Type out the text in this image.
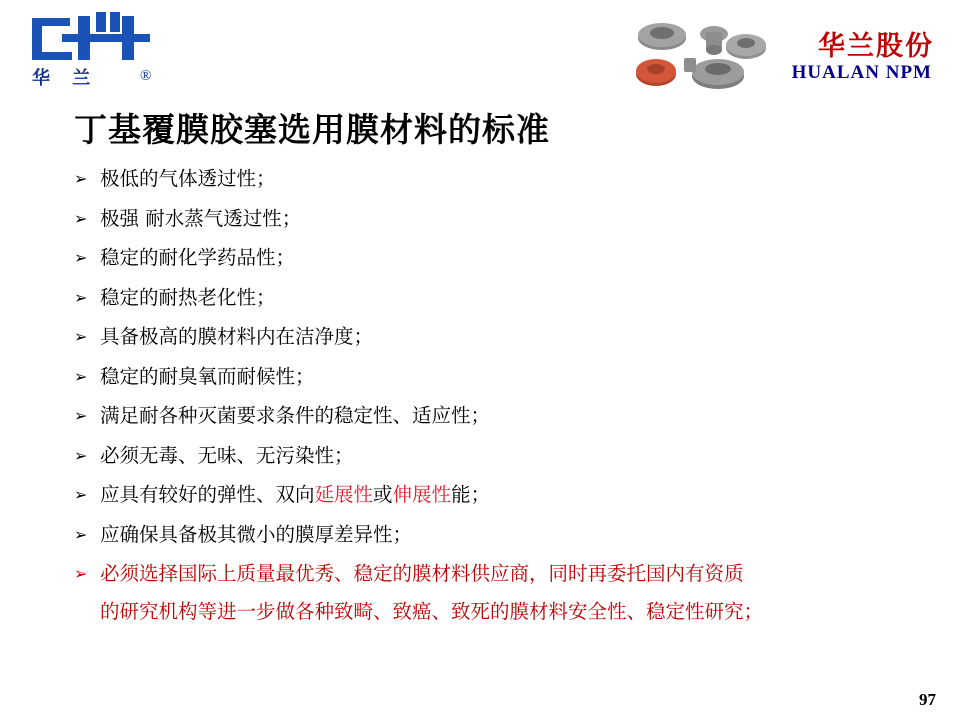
华 兰	®
华兰股份
HUALAN NPM
丁基覆膜胶塞选用膜材料的标准
➢ 极低的气体透过性；
➢ 极强 耐水蒸气透过性；
➢ 稳定的耐化学药品性；
➢ 稳定的耐热老化性；
➢ 具备极高的膜材料内在洁净度；
➢ 稳定的耐臭氧而耐候性；
➢ 满足耐各种灭菌要求条件的稳定性、适应性；
➢ 必须无毒、无味、无污染性；
➢ 应具有较好的弹性、双向延展性或伸展性能；
➢ 应确保具备极其微小的膜厚差异性；
➢ 必须选择国际上质量最优秀、稳定的膜材料供应商，同时再委托国内有资质
的研究机构等进一步做各种致畸、致癌、致死的膜材料安全性、稳定性研究；
97
